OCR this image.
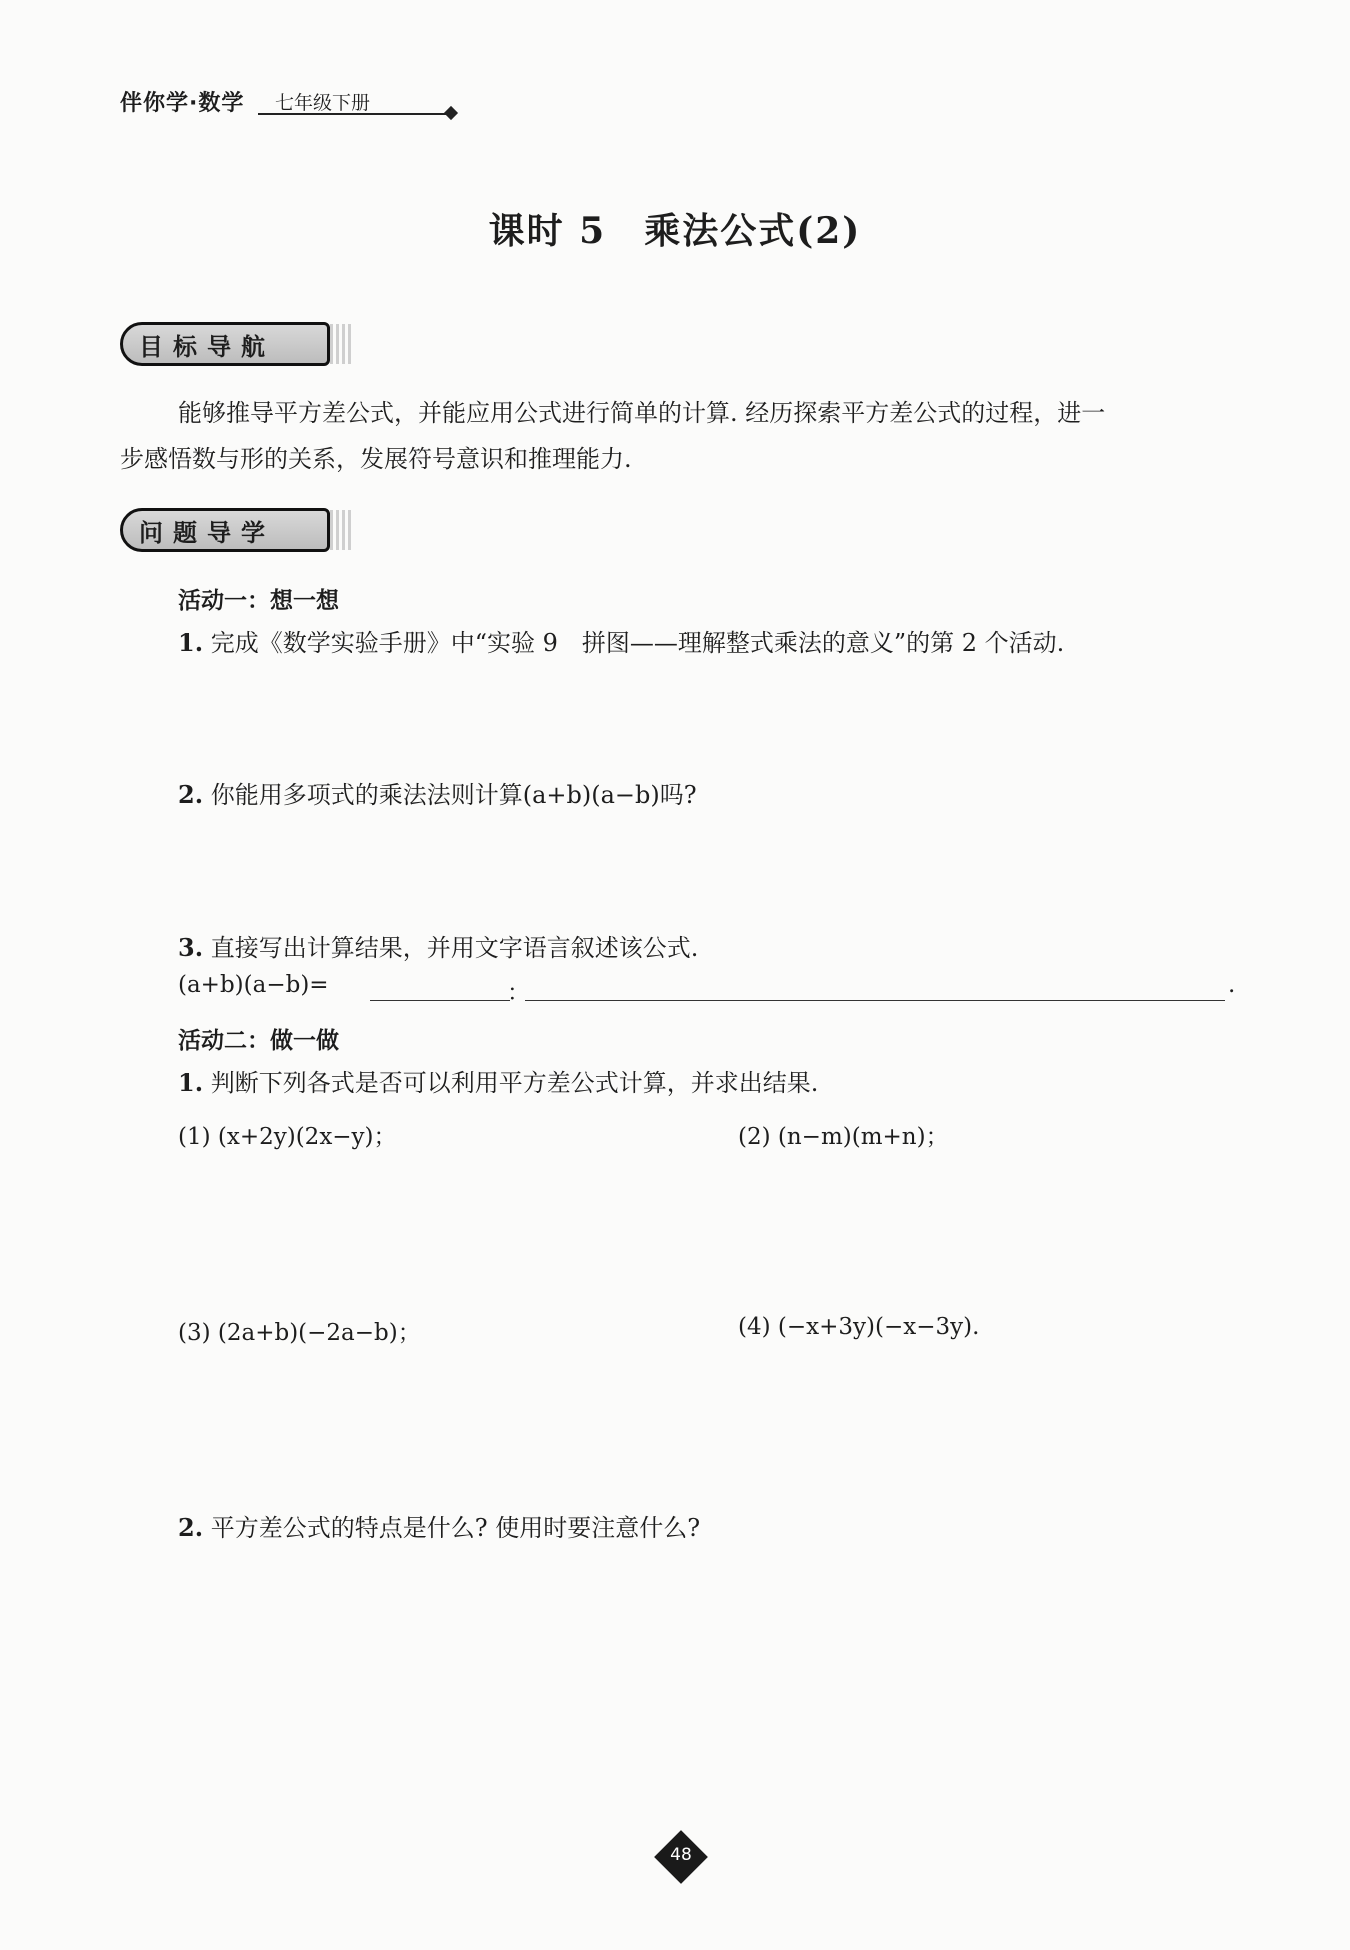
伴你学·数学 七年级下册
课时 5　乘法公式(2)
目标导航
能够推导平方差公式，并能应用公式进行简单的计算. 经历探索平方差公式的过程，进一
步感悟数与形的关系，发展符号意识和推理能力.
问题导学
活动一：想一想
1. 完成《数学实验手册》中“实验 9　拼图——理解整式乘法的意义”的第 2 个活动.
2. 你能用多项式的乘法法则计算(a+b)(a−b)吗?
3. 直接写出计算结果，并用文字语言叙述该公式.
(a+b)(a−b)=	：	.
活动二：做一做
1. 判断下列各式是否可以利用平方差公式计算，并求出结果.
(1) (x+2y)(2x−y)；	(2) (n−m)(m+n)；
(3) (2a+b)(−2a−b)；	(4) (−x+3y)(−x−3y).
2. 平方差公式的特点是什么? 使用时要注意什么?
48
